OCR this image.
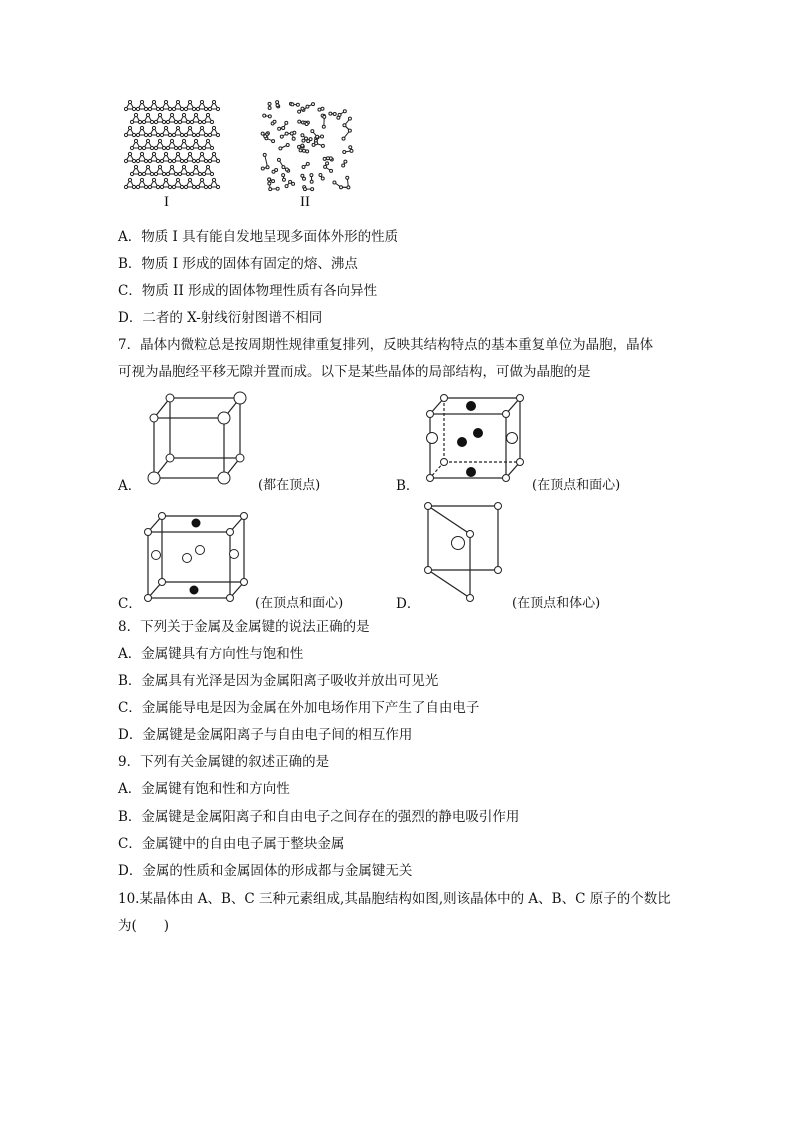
I	II
A．物质 I 具有能自发地呈现多面体外形的性质
B．物质 I 形成的固体有固定的熔、沸点
C．物质 II 形成的固体物理性质有各向异性
D．二者的 X-射线衍射图谱不相同
7．晶体内微粒总是按周期性规律重复排列，反映其结构特点的基本重复单位为晶胞，晶体
可视为晶胞经平移无隙并置而成。以下是某些晶体的局部结构，可做为晶胞的是
A．	(都在顶点)	B．	(在顶点和面心)
C．	(在顶点和面心)	D．	(在顶点和体心)
8．下列关于金属及金属键的说法正确的是
A．金属键具有方向性与饱和性
B．金属具有光泽是因为金属阳离子吸收并放出可见光
C．金属能导电是因为金属在外加电场作用下产生了自由电子
D．金属键是金属阳离子与自由电子间的相互作用
9．下列有关金属键的叙述正确的是
A．金属键有饱和性和方向性
B．金属键是金属阳离子和自由电子之间存在的强烈的静电吸引作用
C．金属键中的自由电子属于整块金属
D．金属的性质和金属固体的形成都与金属键无关
10.某晶体由 A、B、C 三种元素组成,其晶胞结构如图,则该晶体中的 A、B、C 原子的个数比
为(　　)
